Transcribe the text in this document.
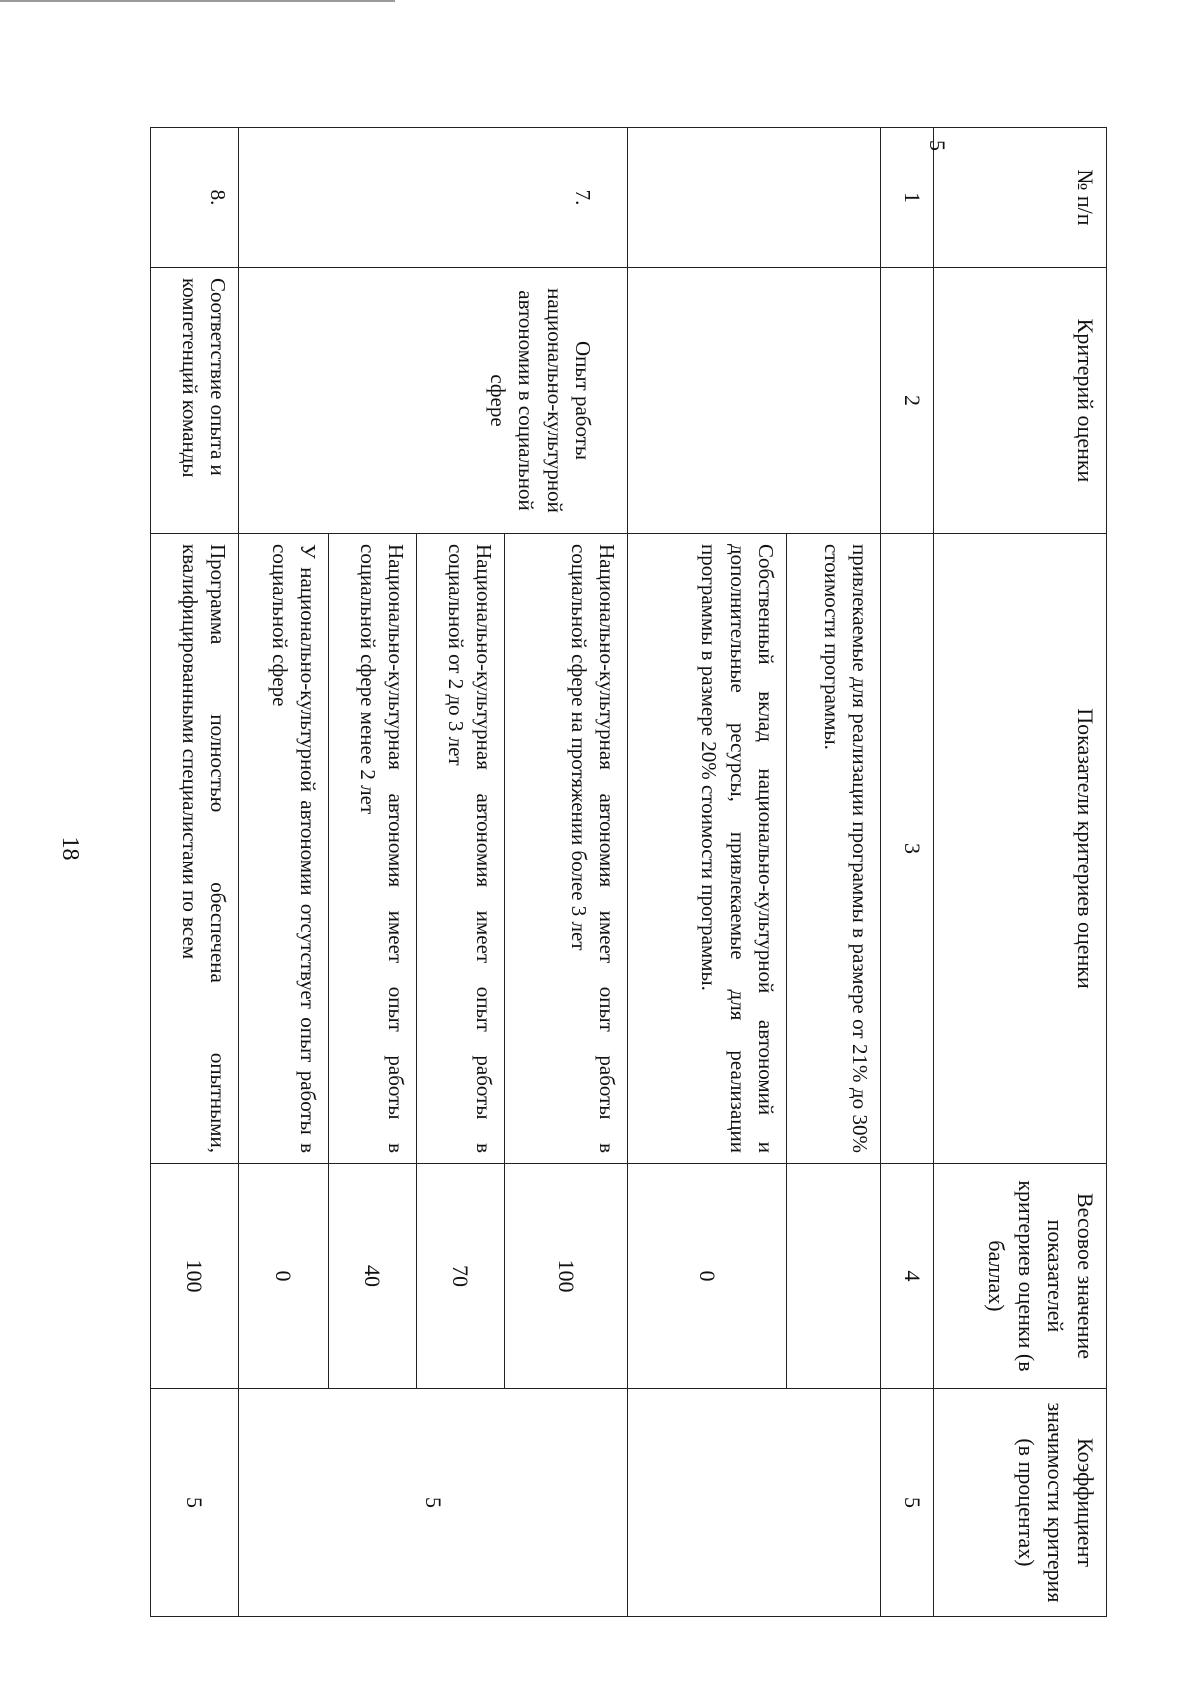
18
№ п/п	Критерий оценки	Показатели критериев оценки	Весовое значение показателей критериев оценки (в баллах)	Коэффициент значимости критерия (в процентах)
1	2	3	4	5
		привлекаемые для реализации программы в размере от 21% до 30% стоимости программы.		
		Собственный вклад национально-культурной автономий и дополнительные ресурсы, привлекаемые для реализации программы в размере 20% стоимости программы.	0	
7.	Опыт работы национально-культурной автономии в социальной сфере	Национально-культурная автономия имеет опыт работы в социальной сфере на протяжении более 3 лет	100	5
		Национально-культурная автономия имеет опыт работы в социальной от 2 до 3 лет	70	
		Национально-культурная автономия имеет опыт работы в социальной сфере менее 2 лет	40	
		У национально-культурной автономии отсутствует опыт работы в социальной сфере	0	
8.	Соответствие опыта и компетенций команды	Программа полностью обеспечена опытными, квалифицированными специалистами по всем	100	5
5
